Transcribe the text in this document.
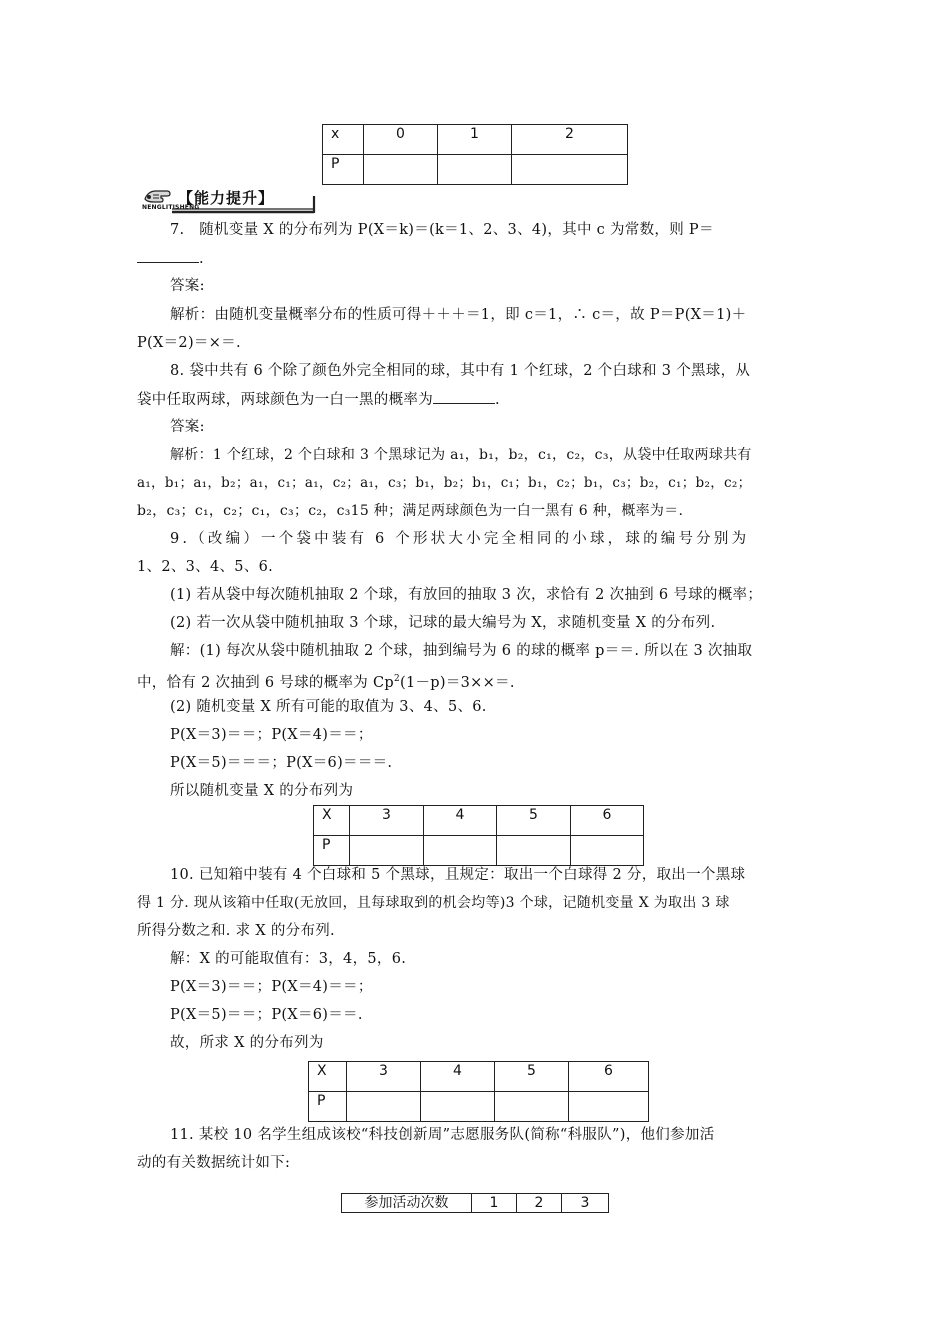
x	0	1	2
P			
【能力提升】
NENGLITISHENG
7.　随机变量 X 的分布列为 P(X＝k)＝(k＝1、2、3、4)，其中 c 为常数，则 P＝
.
答案:
解析：由随机变量概率分布的性质可得＋＋＋＝1，即 c＝1，∴ c＝，故 P＝P(X＝1)＋
P(X＝2)＝×＝.
8. 袋中共有 6 个除了颜色外完全相同的球，其中有 1 个红球，2 个白球和 3 个黑球，从
袋中任取两球，两球颜色为一白一黑的概率为	.
答案:
解析：1 个红球，2 个白球和 3 个黑球记为 a₁，b₁，b₂，c₁，c₂，c₃，从袋中任取两球共有
a₁，b₁；a₁，b₂；a₁，c₁；a₁，c₂；a₁，c₃；b₁，b₂；b₁，c₁；b₁，c₂；b₁，c₃；b₂，c₁；b₂，c₂；
b₂，c₃；c₁，c₂；c₁，c₃；c₂，c₃15 种；满足两球颜色为一白一黑有 6 种，概率为＝.
9.（改编）一个袋中装有 6 个形状大小完全相同的小球，球的编号分别为
1、2、3、4、5、6.
(1) 若从袋中每次随机抽取 2 个球，有放回的抽取 3 次，求恰有 2 次抽到 6 号球的概率；
(2) 若一次从袋中随机抽取 3 个球，记球的最大编号为 X，求随机变量 X 的分布列.
解：(1) 每次从袋中随机抽取 2 个球，抽到编号为 6 的球的概率 p＝＝. 所以在 3 次抽取
中，恰有 2 次抽到 6 号球的概率为 $Cp^2(1-p)=3\times\times=$.
(2) 随机变量 X 所有可能的取值为 3、4、5、6.
P(X＝3)＝＝；P(X＝4)＝＝；
P(X＝5)＝＝＝；P(X＝6)＝＝＝.
所以随机变量 X 的分布列为
X	3	4	5	6
P				
10. 已知箱中装有 4 个白球和 5 个黑球，且规定：取出一个白球得 2 分，取出一个黑球
得 1 分. 现从该箱中任取(无放回，且每球取到的机会均等)3 个球，记随机变量 X 为取出 3 球
所得分数之和. 求 X 的分布列.
解：X 的可能取值有：3，4，5，6.
P(X＝3)＝＝；P(X＝4)＝＝；
P(X＝5)＝＝；P(X＝6)＝＝.
故，所求 X 的分布列为
X	3	4	5	6
P				
11. 某校 10 名学生组成该校“科技创新周”志愿服务队(简称“科服队”)，他们参加活
动的有关数据统计如下:
参加活动次数	1	2	3
